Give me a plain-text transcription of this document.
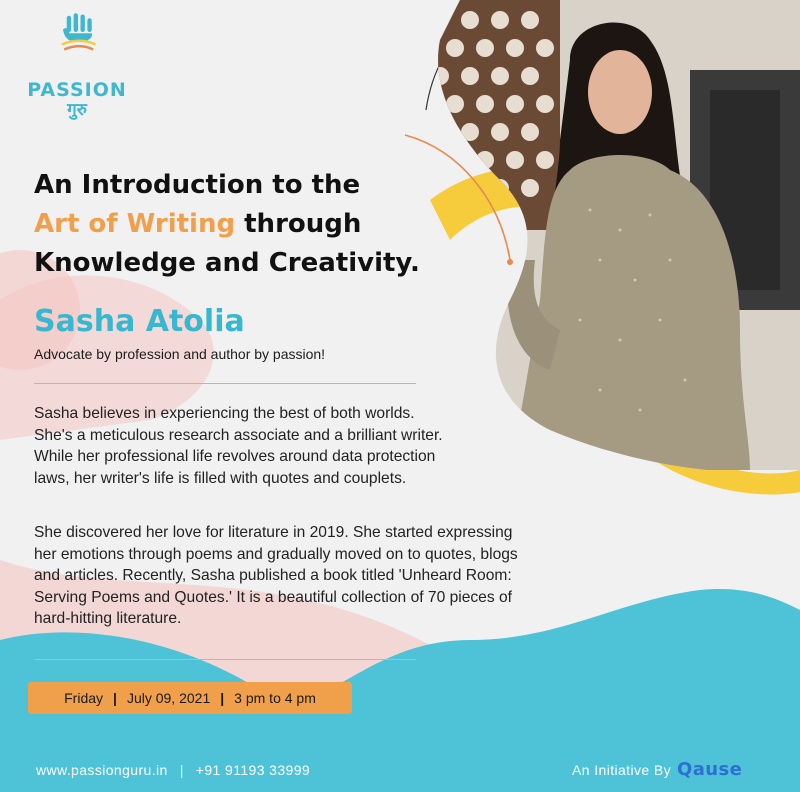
PASSION
गुरु
An Introduction to the
Art of Writing through
Knowledge and Creativity.
Sasha Atolia
Advocate by profession and author by passion!
Sasha believes in experiencing the best of both worlds.
She's a meticulous research associate and a brilliant writer.
While her professional life revolves around data protection
laws, her writer's life is filled with quotes and couplets.
She discovered her love for literature in 2019. She started expressing
her emotions through poems and gradually moved on to quotes, blogs
and articles. Recently, Sasha published a book titled 'Unheard Room:
Serving Poems and Quotes.' It is a beautiful collection of 70 pieces of
hard-hitting literature.
Friday | July 09, 2021 | 3 pm to 4 pm
www.passionguru.in | +91 91193 33999	An Initiative By Qause
